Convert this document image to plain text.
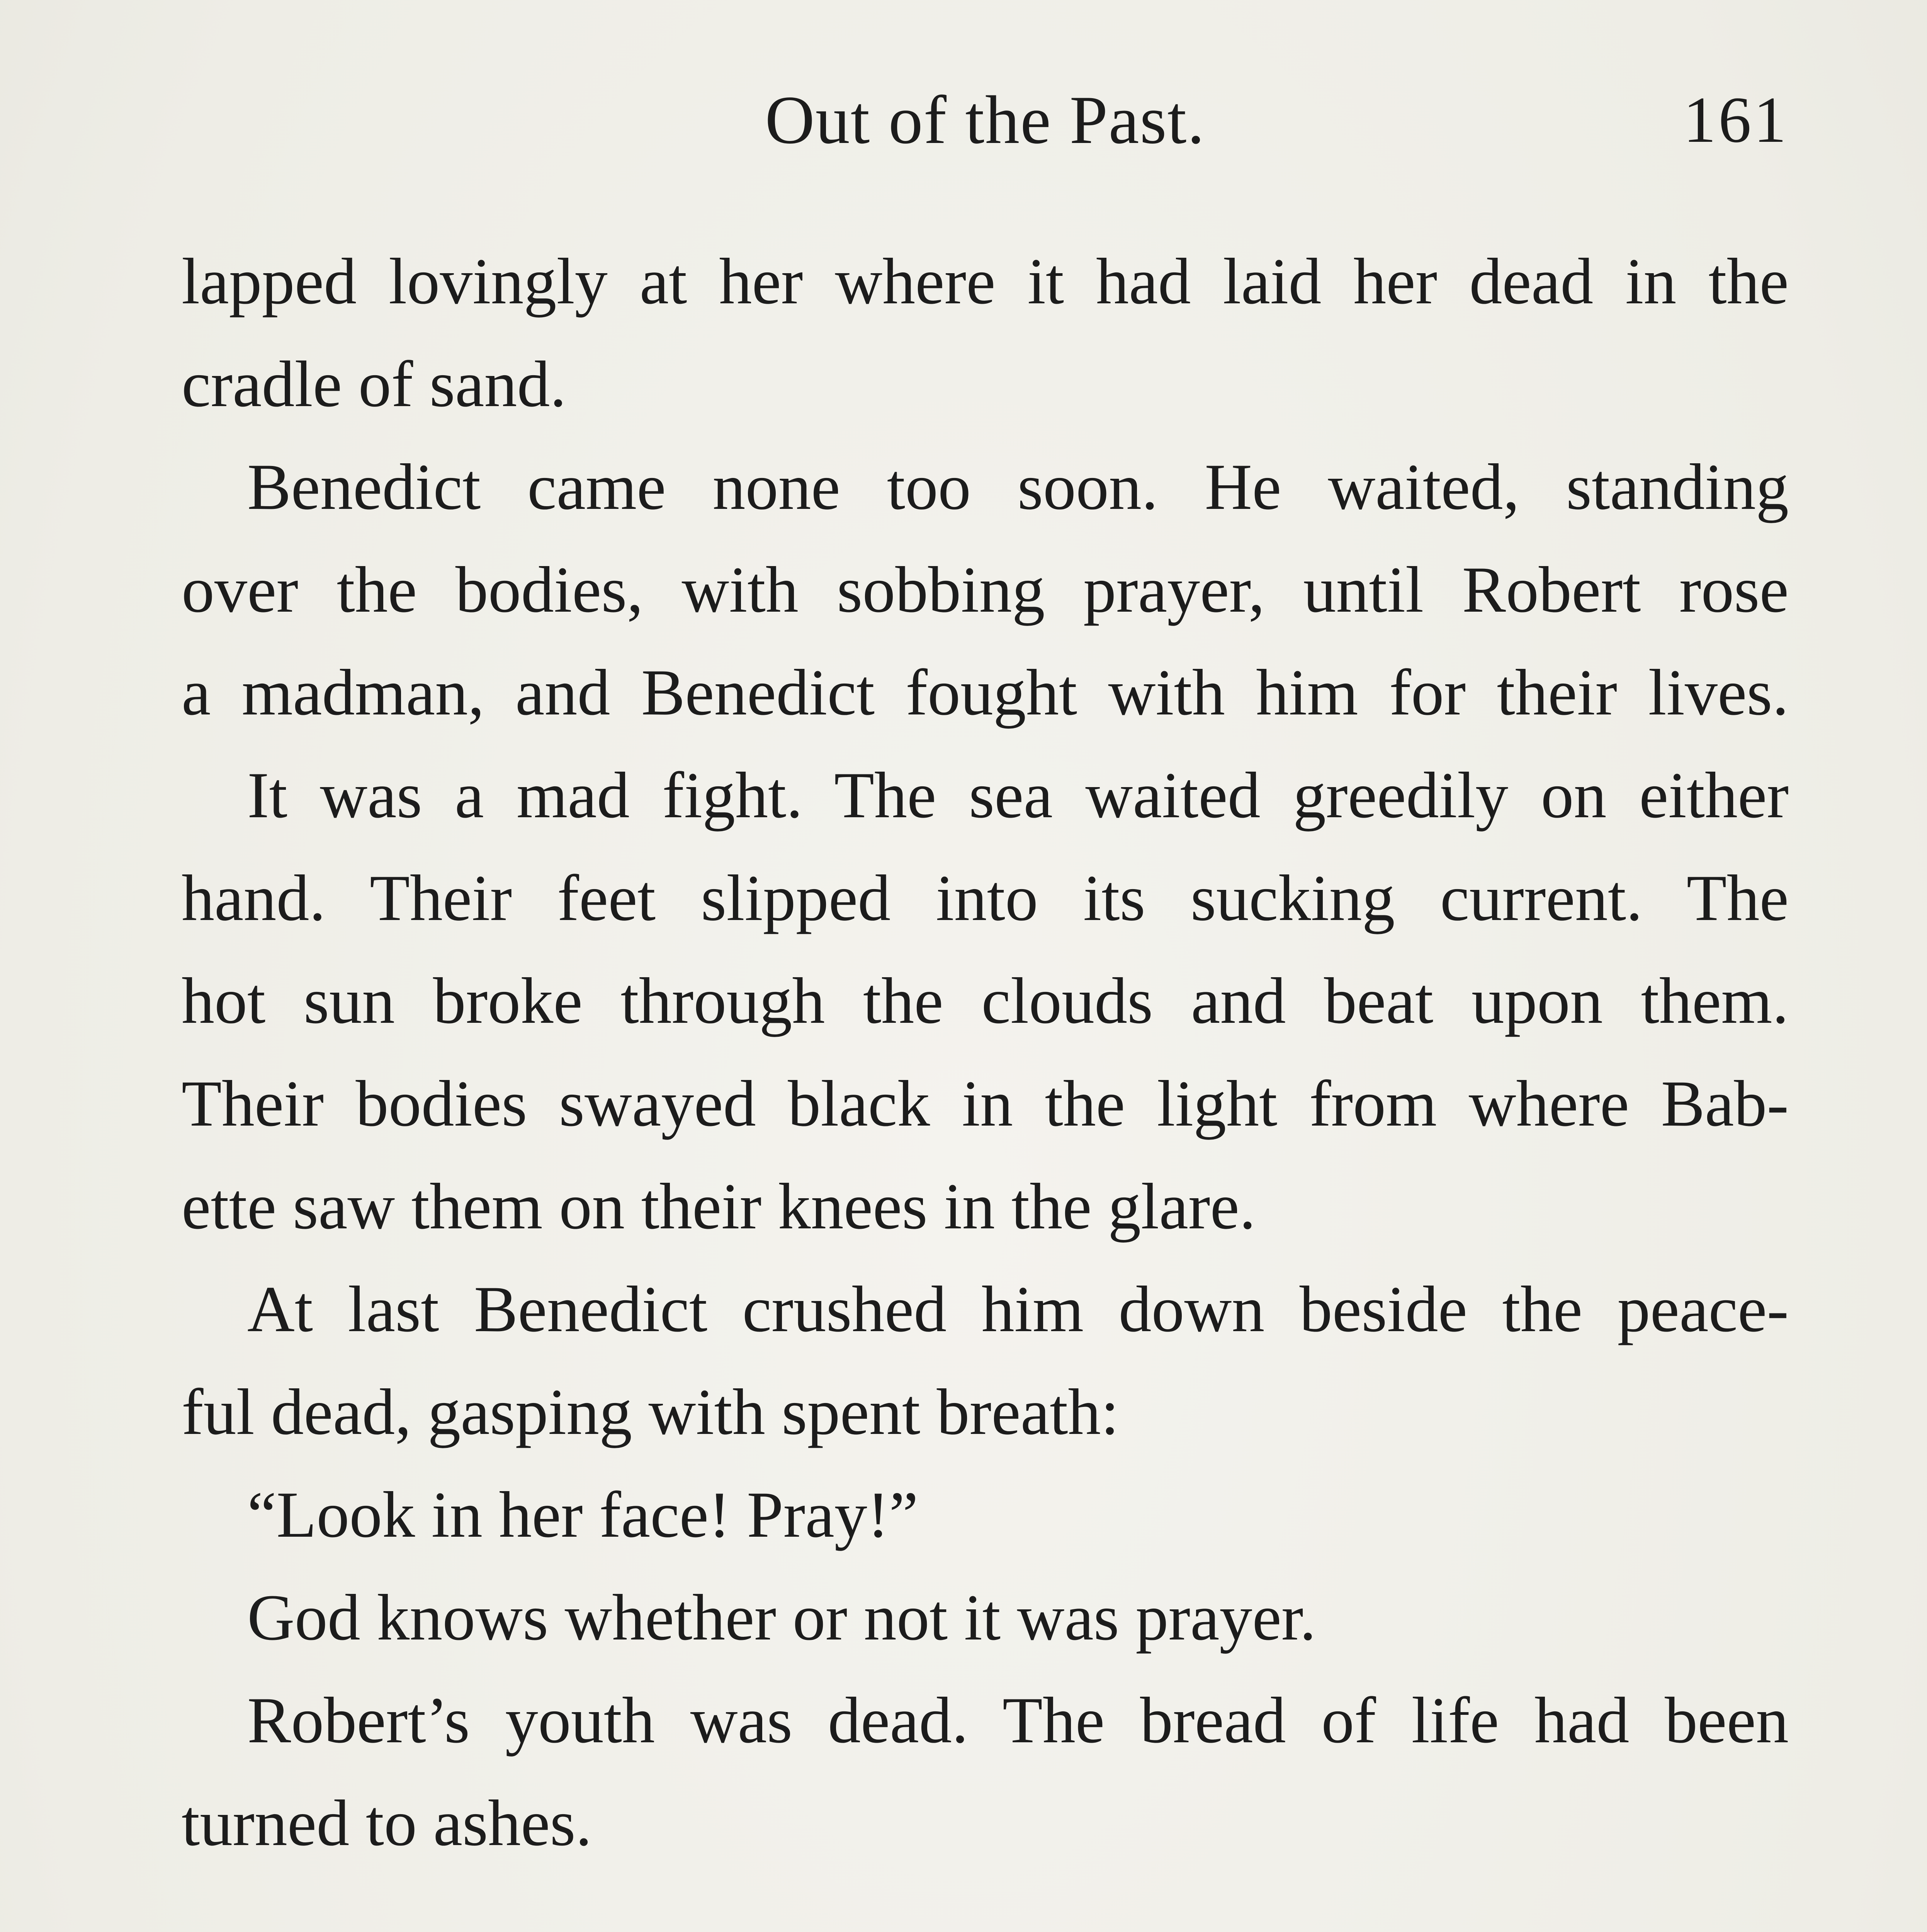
Out of the Past.	161
lapped lovingly at her where it had laid her dead in the
cradle of sand.
Benedict came none too soon. He waited, standing
over the bodies, with sobbing prayer, until Robert rose
a madman, and Benedict fought with him for their lives.
It was a mad fight. The sea waited greedily on either
hand. Their feet slipped into its sucking current. The
hot sun broke through the clouds and beat upon them.
Their bodies swayed black in the light from where Bab-
ette saw them on their knees in the glare.
At last Benedict crushed him down beside the peace-
ful dead, gasping with spent breath:
“Look in her face! Pray!”
God knows whether or not it was prayer.
Robert’s youth was dead. The bread of life had been
turned to ashes.
